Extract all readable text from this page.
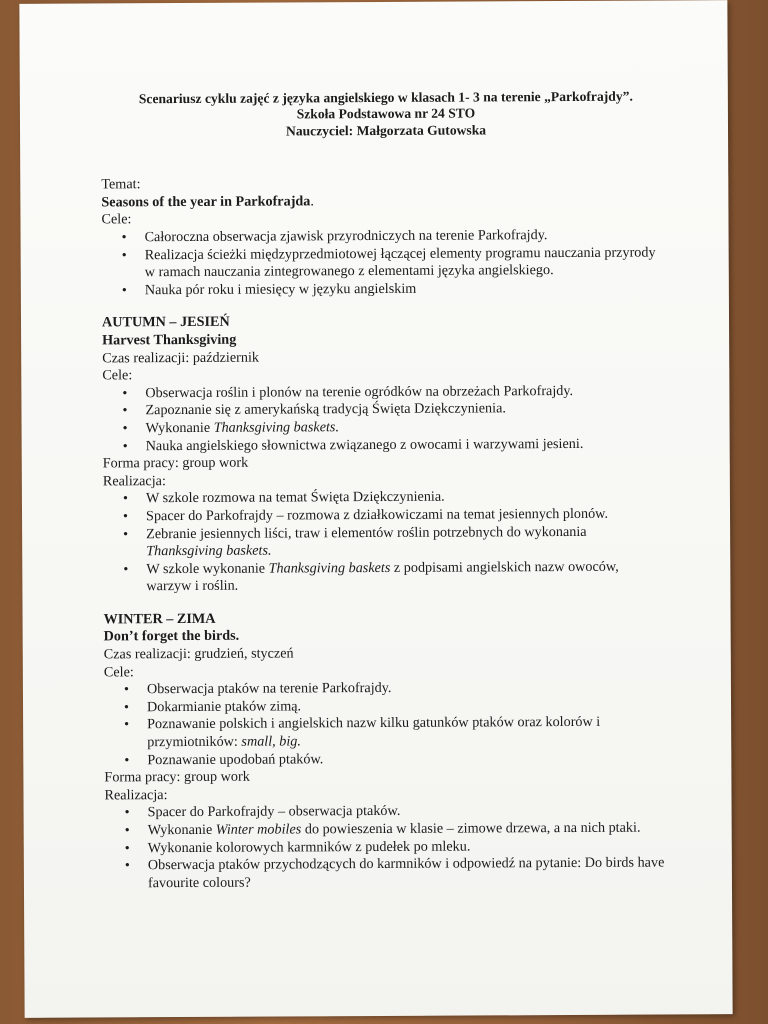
Scenariusz cyklu zajęć z języka angielskiego w klasach 1- 3 na terenie „Parkofrajdy”.
Szkoła Podstawowa nr 24 STO
Nauczyciel: Małgorzata Gutowska
Temat:
Seasons of the year in Parkofrajda.
Cele:
• Całoroczna obserwacja zjawisk przyrodniczych na terenie Parkofrajdy.
• Realizacja ścieżki międzyprzedmiotowej łączącej elementy programu nauczania przyrody w ramach nauczania zintegrowanego z elementami języka angielskiego.
• Nauka pór roku i miesięcy w języku angielskim
AUTUMN – JESIEŃ
Harvest Thanksgiving
Czas realizacji: październik
Cele:
• Obserwacja roślin i plonów na terenie ogródków na obrzeżach Parkofrajdy.
• Zapoznanie się z amerykańską tradycją Święta Dziękczynienia.
• Wykonanie Thanksgiving baskets.
• Nauka angielskiego słownictwa związanego z owocami i warzywami jesieni.
Forma pracy: group work
Realizacja:
• W szkole rozmowa na temat Święta Dziękczynienia.
• Spacer do Parkofrajdy – rozmowa z działkowiczami na temat jesiennych plonów.
• Zebranie jesiennych liści, traw i elementów roślin potrzebnych do wykonania Thanksgiving baskets.
• W szkole wykonanie Thanksgiving baskets z podpisami angielskich nazw owoców, warzyw i roślin.
WINTER – ZIMA
Don’t forget the birds.
Czas realizacji: grudzień, styczeń
Cele:
• Obserwacja ptaków na terenie Parkofrajdy.
• Dokarmianie ptaków zimą.
• Poznawanie polskich i angielskich nazw kilku gatunków ptaków oraz kolorów i przymiotników: small, big.
• Poznawanie upodobań ptaków.
Forma pracy: group work
Realizacja:
• Spacer do Parkofrajdy – obserwacja ptaków.
• Wykonanie Winter mobiles do powieszenia w klasie – zimowe drzewa, a na nich ptaki.
• Wykonanie kolorowych karmników z pudełek po mleku.
• Obserwacja ptaków przychodzących do karmników i odpowiedź na pytanie: Do birds have favourite colours?
